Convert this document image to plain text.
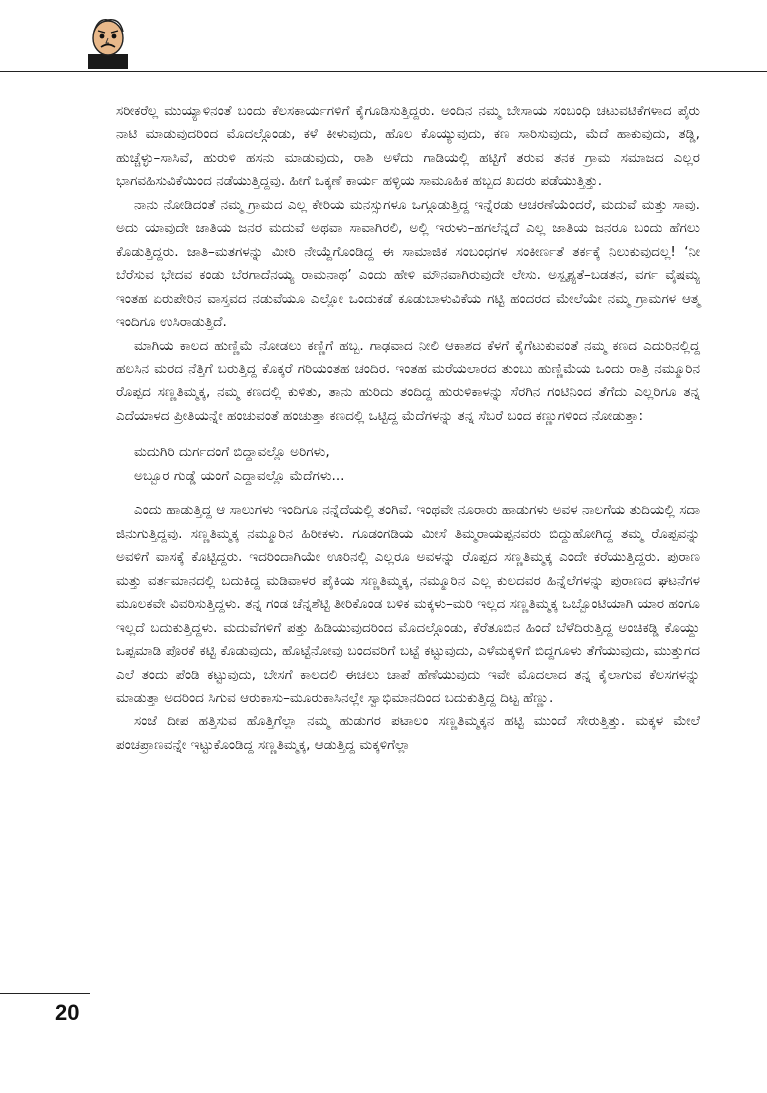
ಸರೀಕರೆಲ್ಲ ಮುಯ್ಯಾಳಿನಂತೆ ಬಂದು ಕೆಲಸಕಾರ್ಯಗಳಿಗೆ ಕೈಗೂಡಿಸುತ್ತಿದ್ದರು. ಅಂದಿನ ನಮ್ಮ ಬೇಸಾಯ ಸಂಬಂಧಿ ಚಟುವಟಿಕೆಗಳಾದ ಪೈರು ನಾಟಿ ಮಾಡುವುದರಿಂದ ಮೊದಲ್ಗೊಂಡು, ಕಳೆ ಕೀಳುವುದು, ಹೊಲ ಕೊಯ್ಯುವುದು, ಕಣ ಸಾರಿಸುವುದು, ಮೆದೆ ಹಾಕುವುದು, ತಡ್ಡಿ, ಹುಚ್ಚೆಳ್ಳು–ಸಾಸಿವೆ, ಹುರುಳಿ ಹಸನು ಮಾಡುವುದು, ರಾಶಿ ಅಳೆದು ಗಾಡಿಯಲ್ಲಿ ಹಟ್ಟಿಗೆ ತರುವ ತನಕ ಗ್ರಾಮ ಸಮಾಜದ ಎಲ್ಲರ ಭಾಗವಹಿಸುವಿಕೆಯಿಂದ ನಡೆಯುತ್ತಿದ್ದವು. ಹೀಗೆ ಒಕ್ಕಣೆ ಕಾರ್ಯ ಹಳ್ಳಿಯ ಸಾಮೂಹಿಕ ಹಬ್ಬದ ಖದರು ಪಡೆಯುತ್ತಿತ್ತು.

ನಾನು ನೋಡಿದಂತೆ ನಮ್ಮ ಗ್ರಾಮದ ಎಲ್ಲ ಕೇರಿಯ ಮನಸ್ಸುಗಳೂ ಒಗ್ಗೂಡುತ್ತಿದ್ದ ಇನ್ನೆರಡು ಆಚರಣೆಯೆಂದರೆ, ಮದುವೆ ಮತ್ತು ಸಾವು. ಅದು ಯಾವುದೇ ಜಾತಿಯ ಜನರ ಮದುವೆ ಅಥವಾ ಸಾವಾಗಿರಲಿ, ಅಲ್ಲಿ ಇರುಳು–ಹಗಲೆನ್ನದೆ ಎಲ್ಲ ಜಾತಿಯ ಜನರೂ ಬಂದು ಹೆಗಲು ಕೊಡುತ್ತಿದ್ದರು. ಜಾತಿ–ಮತಗಳನ್ನು ಮೀರಿ ನೇಯ್ದೆಗೊಂಡಿದ್ದ ಈ ಸಾಮಾಜಿಕ ಸಂಬಂಧಗಳ ಸಂಕೀರ್ಣತೆ ತರ್ಕಕ್ಕೆ ನಿಲುಕುವುದಲ್ಲ! ‘ನೀ ಬೆರೆಸುವ ಭೇದವ ಕಂಡು ಬೆರಗಾದೆನಯ್ಯ ರಾಮನಾಥ’ ಎಂದು ಹೇಳಿ ಮೌನವಾಗಿರುವುದೇ ಲೇಸು. ಅಸ್ಪೃಶ್ಯತೆ–ಬಡತನ, ವರ್ಗ ವೈಷಮ್ಯ ಇಂತಹ ಏರುಪೇರಿನ ವಾಸ್ತವದ ನಡುವೆಯೂ ಎಲ್ಲೋ ಒಂದುಕಡೆ ಕೂಡುಬಾಳುವಿಕೆಯ ಗಟ್ಟಿ ಹಂದರದ ಮೇಲೆಯೇ ನಮ್ಮ ಗ್ರಾಮಗಳ ಆತ್ಮ ಇಂದಿಗೂ ಉಸಿರಾಡುತ್ತಿದೆ.

ಮಾಗಿಯ ಕಾಲದ ಹುಣ್ಣಿಮೆ ನೋಡಲು ಕಣ್ಣಿಗೆ ಹಬ್ಬ. ಗಾಢವಾದ ನೀಲಿ ಆಕಾಶದ ಕೆಳಗೆ ಕೈಗೆಟುಕುವಂತೆ ನಮ್ಮ ಕಣದ ಎದುರಿನಲ್ಲಿದ್ದ ಹಲಸಿನ ಮರದ ನೆತ್ತಿಗೆ ಬರುತ್ತಿದ್ದ ಕೊಕ್ಕರೆ ಗರಿಯಂತಹ ಚಂದಿರ. ಇಂತಹ ಮರೆಯಲಾರದ ತುಂಬು ಹುಣ್ಣಿಮೆಯ ಒಂದು ರಾತ್ರಿ ನಮ್ಮೂರಿನ ರೊಪ್ಪದ ಸಣ್ಣತಿಮ್ಮಕ್ಕ, ನಮ್ಮ ಕಣದಲ್ಲಿ ಕುಳಿತು, ತಾನು ಹುರಿದು ತಂದಿದ್ದ ಹುರುಳಿಕಾಳನ್ನು ಸೆರಗಿನ ಗಂಟಿನಿಂದ ತೆಗೆದು ಎಲ್ಲರಿಗೂ ತನ್ನ ಎದೆಯಾಳದ ಪ್ರೀತಿಯನ್ನೇ ಹಂಚುವಂತೆ ಹಂಚುತ್ತಾ ಕಣದಲ್ಲಿ ಒಟ್ಟಿದ್ದ ಮೆದೆಗಳನ್ನು ತನ್ನ ಸೆಬರೆ ಬಂದ ಕಣ್ಣುಗಳಿಂದ ನೋಡುತ್ತಾ:

ಮದುಗಿರಿ ದುರ್ಗದಂಗೆ ಬಿದ್ದಾವಲ್ಲೊ ಅರಿಗಳು,
ಅಬ್ಬೂರ ಗುಡ್ಡೆ ಯಂಗೆ ಎದ್ದಾವಲ್ಲೊ ಮೆದೆಗಳು...

ಎಂದು ಹಾಡುತ್ತಿದ್ದ ಆ ಸಾಲುಗಳು ಇಂದಿಗೂ ನನ್ನೆದೆಯಲ್ಲಿ ತಂಗಿವೆ. ಇಂಥವೇ ನೂರಾರು ಹಾಡುಗಳು ಅವಳ ನಾಲಗೆಯ ತುದಿಯಲ್ಲಿ ಸದಾ ಜಿನುಗುತ್ತಿದ್ದವು. ಸಣ್ಣತಿಮ್ಮಕ್ಕ ನಮ್ಮೂರಿನ ಹಿರೀಕಳು. ಗೂಡಂಗಡಿಯ ಮೀಸೆ ತಿಮ್ಮರಾಯಪ್ಪನವರು ಬಿದ್ದುಹೋಗಿದ್ದ ತಮ್ಮ ರೊಪ್ಪವನ್ನು ಅವಳಿಗೆ ವಾಸಕ್ಕೆ ಕೊಟ್ಟಿದ್ದರು. ಇದರಿಂದಾಗಿಯೇ ಊರಿನಲ್ಲಿ ಎಲ್ಲರೂ ಅವಳನ್ನು ರೊಪ್ಪದ ಸಣ್ಣತಿಮ್ಮಕ್ಕ ಎಂದೇ ಕರೆಯುತ್ತಿದ್ದರು. ಪುರಾಣ ಮತ್ತು ವರ್ತಮಾನದಲ್ಲಿ ಬದುಕಿದ್ದ ಮಡಿವಾಳರ ಪೈಕಿಯ ಸಣ್ಣತಿಮ್ಮಕ್ಕ, ನಮ್ಮೂರಿನ ಎಲ್ಲ ಕುಲದವರ ಹಿನ್ನೆಲೆಗಳನ್ನು ಪುರಾಣದ ಘಟನೆಗಳ ಮೂಲಕವೇ ವಿವರಿಸುತ್ತಿದ್ದಳು. ತನ್ನ ಗಂಡ ಚೆನ್ನಶೆಟ್ಟಿ ತೀರಿಕೊಂಡ ಬಳಿಕ ಮಕ್ಕಳು–ಮರಿ ಇಲ್ಲದ ಸಣ್ಣತಿಮ್ಮಕ್ಕ ಒಬ್ಬೊಂಟಿಯಾಗಿ ಯಾರ ಹಂಗೂ ಇಲ್ಲದೆ ಬದುಕುತ್ತಿದ್ದಳು. ಮದುವೆಗಳಿಗೆ ಪತ್ತು ಹಿಡಿಯುವುದರಿಂದ ಮೊದಲ್ಗೊಂಡು, ಕೆರೆತೂಬಿನ ಹಿಂದೆ ಬೆಳೆದಿರುತ್ತಿದ್ದ ಅಂಚಿಕಡ್ಡಿ ಕೊಯ್ದು ಒಪ್ಪಮಾಡಿ ಪೊರಕೆ ಕಟ್ಟಿ ಕೊಡುವುದು, ಹೊಟ್ಟೆನೋವು ಬಂದವರಿಗೆ ಬಟ್ಟೆ ಕಟ್ಟುವುದು, ಎಳೆಮಕ್ಕಳಿಗೆ ಬಿದ್ದಗೂಳು ತೆಗೆಯುವುದು, ಮುತ್ತುಗದ ಎಲೆ ತಂದು ಪೆಂಡಿ ಕಟ್ಟುವುದು, ಬೇಸಗೆ ಕಾಲದಲಿ ಈಚಲು ಚಾಪೆ ಹೆಣೆಯುವುದು ಇವೇ ಮೊದಲಾದ ತನ್ನ ಕೈಲಾಗುವ ಕೆಲಸಗಳನ್ನು ಮಾಡುತ್ತಾ ಅದರಿಂದ ಸಿಗುವ ಆರುಕಾಸು–ಮೂರುಕಾಸಿನಲ್ಲೇ ಸ್ವಾಭಿಮಾನದಿಂದ ಬದುಕುತ್ತಿದ್ದ ದಿಟ್ಟ ಹೆಣ್ಣು.

ಸಂಜೆ ದೀಪ ಹತ್ತಿಸುವ ಹೊತ್ತಿಗೆಲ್ಲಾ ನಮ್ಮ ಹುಡುಗರ ಪಟಾಲಂ ಸಣ್ಣತಿಮ್ಮಕ್ಕನ ಹಟ್ಟಿ ಮುಂದೆ ಸೇರುತ್ತಿತ್ತು. ಮಕ್ಕಳ ಮೇಲೆ ಪಂಚಪ್ರಾಣವನ್ನೇ ಇಟ್ಟುಕೊಂಡಿದ್ದ ಸಣ್ಣತಿಮ್ಮಕ್ಕ, ಆಡುತ್ತಿದ್ದ ಮಕ್ಕಳಿಗೆಲ್ಲಾ

20
